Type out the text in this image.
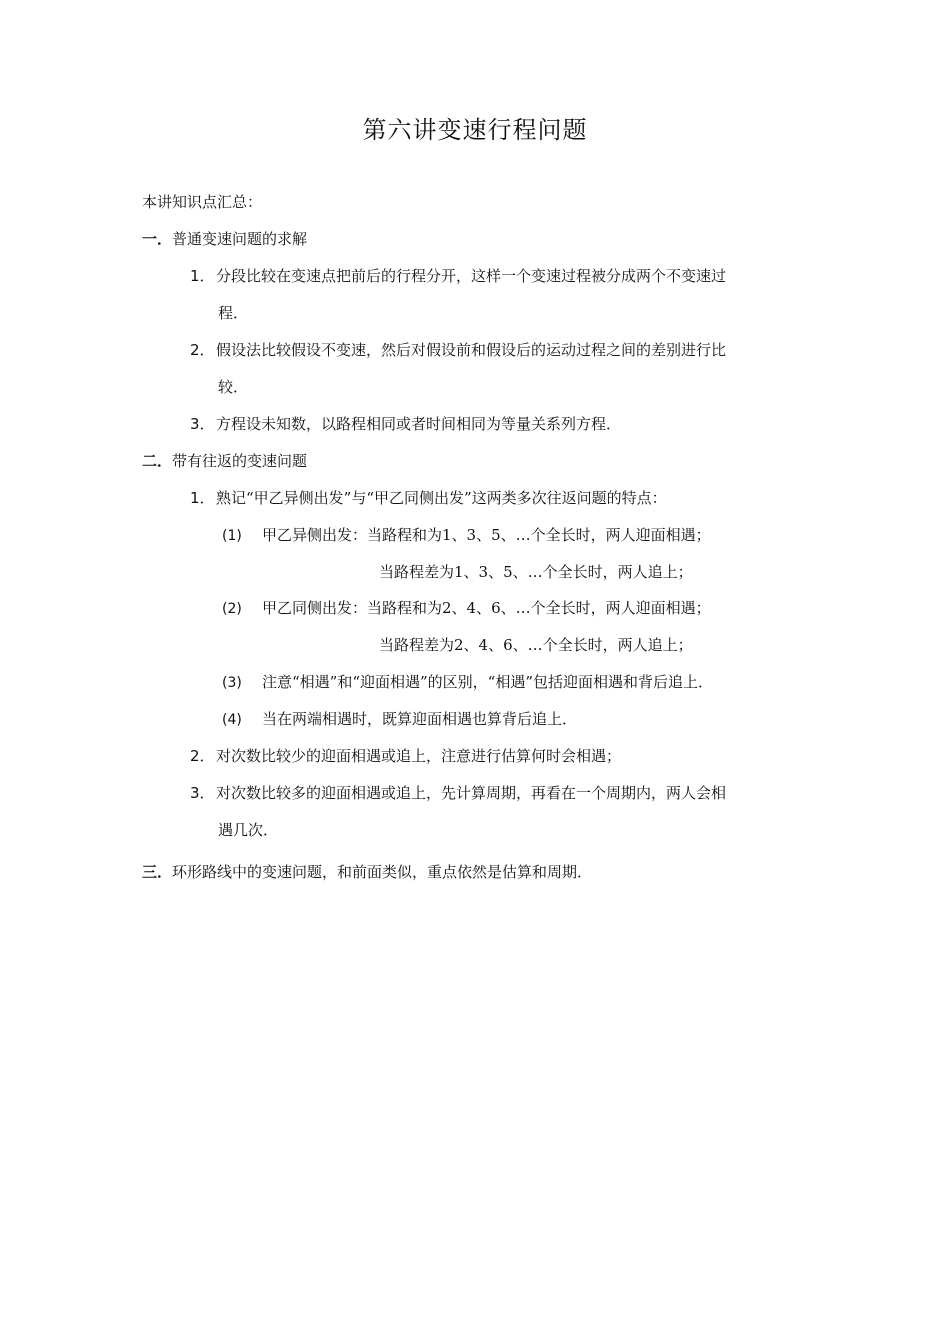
第六讲变速行程问题
本讲知识点汇总：
一．普通变速问题的求解
1．分段比较在变速点把前后的行程分开，这样一个变速过程被分成两个不变速过
程．
2．假设法比较假设不变速，然后对假设前和假设后的运动过程之间的差别进行比
较．
3．方程设未知数，以路程相同或者时间相同为等量关系列方程．
二．带有往返的变速问题
1．熟记“甲乙异侧出发”与“甲乙同侧出发”这两类多次往返问题的特点：
(1) 甲乙异侧出发：当路程和为1、3、5、…个全长时，两人迎面相遇；
当路程差为1、3、5、…个全长时，两人追上；
(2) 甲乙同侧出发：当路程和为2、4、6、…个全长时，两人迎面相遇；
当路程差为2、4、6、…个全长时，两人追上；
(3) 注意“相遇”和“迎面相遇”的区别，“相遇”包括迎面相遇和背后追上．
(4) 当在两端相遇时，既算迎面相遇也算背后追上．
2．对次数比较少的迎面相遇或追上，注意进行估算何时会相遇；
3．对次数比较多的迎面相遇或追上，先计算周期，再看在一个周期内，两人会相
遇几次．
三．环形路线中的变速问题，和前面类似，重点依然是估算和周期．
